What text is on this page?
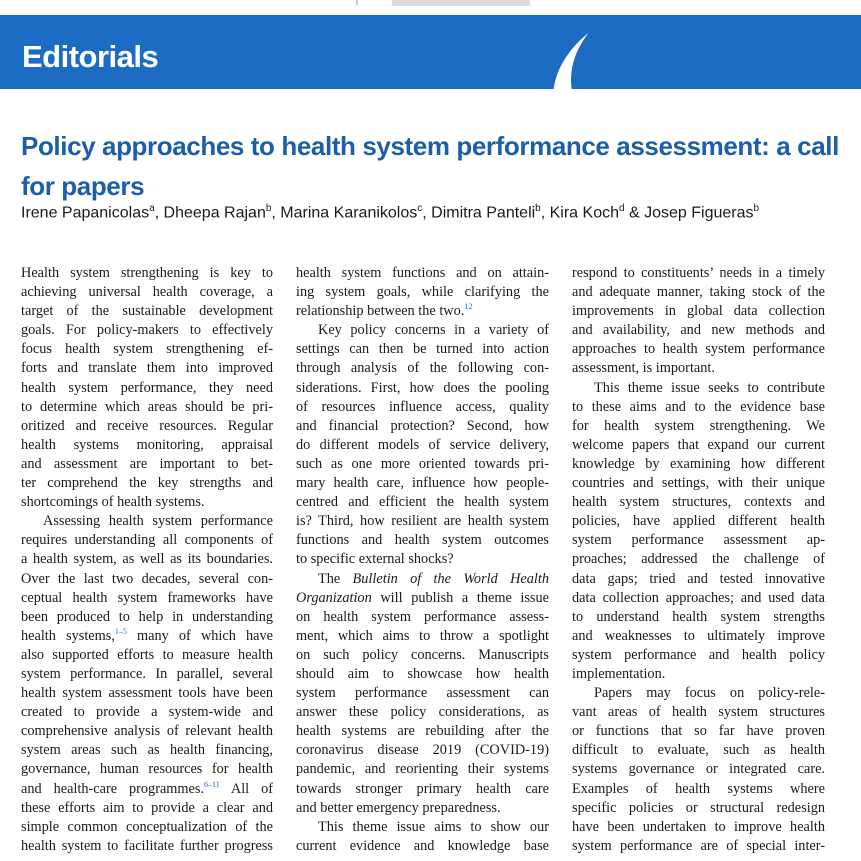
Editorials
Policy approaches to health system performance assessment: a call for papers
Irene Papanicolas$^a$, Dheepa Rajan$^b$, Marina Karanikolos$^c$, Dimitra Panteli$^b$, Kira Koch$^d$ & Josep Figueras$^b$
Health system strengthening is key to
achieving universal health coverage, a
target of the sustainable development
goals. For policy-makers to effectively
focus health system strengthening ef-
forts and translate them into improved
health system performance, they need
to determine which areas should be pri-
oritized and receive resources. Regular
health systems monitoring, appraisal
and assessment are important to bet-
ter comprehend the key strengths and
shortcomings of health systems.
Assessing health system performance
requires understanding all components of
a health system, as well as its boundaries.
Over the last two decades, several con-
ceptual health system frameworks have
been produced to help in understanding
health systems,$^{1-5}$ many of which have
also supported efforts to measure health
system performance. In parallel, several
health system assessment tools have been
created to provide a system-wide and
comprehensive analysis of relevant health
system areas such as health financing,
governance, human resources for health
and health-care programmes.$^{6-11}$ All of
these efforts aim to provide a clear and
simple common conceptualization of the
health system to facilitate further progress
health system functions and on attain-
ing system goals, while clarifying the
relationship between the two.$^{12}$
Key policy concerns in a variety of
settings can then be turned into action
through analysis of the following con-
siderations. First, how does the pooling
of resources influence access, quality
and financial protection? Second, how
do different models of service delivery,
such as one more oriented towards pri-
mary health care, influence how people-
centred and efficient the health system
is? Third, how resilient are health system
functions and health system outcomes
to specific external shocks?
The Bulletin of the World Health
Organization will publish a theme issue
on health system performance assess-
ment, which aims to throw a spotlight
on such policy concerns. Manuscripts
should aim to showcase how health
system performance assessment can
answer these policy considerations, as
health systems are rebuilding after the
coronavirus disease 2019 (COVID-19)
pandemic, and reorienting their systems
towards stronger primary health care
and better emergency preparedness.
This theme issue aims to show our
current evidence and knowledge base
respond to constituents’ needs in a timely
and adequate manner, taking stock of the
improvements in global data collection
and availability, and new methods and
approaches to health system performance
assessment, is important.
This theme issue seeks to contribute
to these aims and to the evidence base
for health system strengthening. We
welcome papers that expand our current
knowledge by examining how different
countries and settings, with their unique
health system structures, contexts and
policies, have applied different health
system performance assessment ap-
proaches; addressed the challenge of
data gaps; tried and tested innovative
data collection approaches; and used data
to understand health system strengths
and weaknesses to ultimately improve
system performance and health policy
implementation.
Papers may focus on policy-rele-
vant areas of health system structures
or functions that so far have proven
difficult to evaluate, such as health
systems governance or integrated care.
Examples of health systems where
specific policies or structural redesign
have been undertaken to improve health
system performance are of special inter-
